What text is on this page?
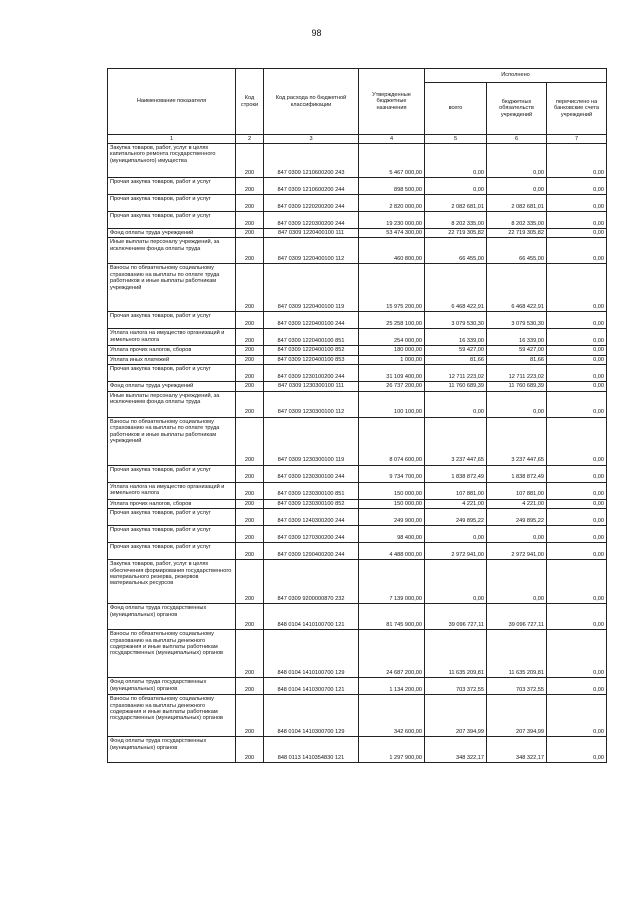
98
Наименование показателя	Код строки	Код расхода по бюджетной классификации	Утвержденные бюджетные назначения	Исполнено		
				всего	бюджетных обязательств учреждений	перечислено на банковские счета учреждений
1	2	3	4	5	6	7
Закупка товаров, работ, услуг в целях капитального ремонта государственного (муниципального) имущества	200	847 0309 1210600200 243	5 467 000,00	0,00	0,00	0,00
Прочая закупка товаров, работ и услуг	200	847 0309 1210600200 244	898 500,00	0,00	0,00	0,00
Прочая закупка товаров, работ и услуг	200	847 0309 1220200200 244	2 820 000,00	2 082 681,01	2 082 681,01	0,00
Прочая закупка товаров, работ и услуг	200	847 0309 1220300200 244	19 230 000,00	8 202 335,00	8 202 335,00	0,00
Фонд оплаты труда учреждений	200	847 0309 1220400100 111	53 474 300,00	22 719 305,82	22 719 305,82	0,00
Иные выплаты персоналу учреждений, за исключением фонда оплаты труда	200	847 0309 1220400100 112	460 800,00	66 455,00	66 455,00	0,00
Взносы по обязательному социальному страхованию на выплаты по оплате труда работников и иные выплаты работникам учреждений	200	847 0309 1220400100 119	15 975 200,00	6 468 422,91	6 468 422,91	0,00
Прочая закупка товаров, работ и услуг	200	847 0309 1220400100 244	25 258 100,00	3 079 530,30	3 079 530,30	0,00
Уплата налога на имущество организаций и земельного налога	200	847 0309 1220400100 851	254 000,00	16 339,00	16 339,00	0,00
Уплата прочих налогов, сборов	200	847 0309 1220400100 852	180 000,00	59 427,00	59 427,00	0,00
Уплата иных платежей	200	847 0309 1220400100 853	1 000,00	81,66	81,66	0,00
Прочая закупка товаров, работ и услуг	200	847 0309 1230100200 244	31 109 400,00	12 711 223,02	12 711 223,02	0,00
Фонд оплаты труда учреждений	200	847 0309 1230300100 111	26 737 200,00	11 760 689,39	11 760 689,39	0,00
Иные выплаты персоналу учреждений, за исключением фонда оплаты труда	200	847 0309 1230300100 112	100 100,00	0,00	0,00	0,00
Взносы по обязательному социальному страхованию на выплаты по оплате труда работников и иные выплаты работникам учреждений	200	847 0309 1230300100 119	8 074 600,00	3 237 447,65	3 237 447,65	0,00
Прочая закупка товаров, работ и услуг	200	847 0309 1230300100 244	9 734 700,00	1 838 872,49	1 838 872,49	0,00
Уплата налога на имущество организаций и земельного налога	200	847 0309 1230300100 851	150 000,00	107 881,00	107 881,00	0,00
Уплата прочих налогов, сборов	200	847 0309 1230300100 852	150 000,00	4 221,00	4 221,00	0,00
Прочая закупка товаров, работ и услуг	200	847 0309 1240300200 244	249 900,00	249 895,22	249 895,22	0,00
Прочая закупка товаров, работ и услуг	200	847 0309 1270300200 244	98 400,00	0,00	0,00	0,00
Прочая закупка товаров, работ и услуг	200	847 0309 1290400200 244	4 488 000,00	2 972 941,00	2 972 941,00	0,00
Закупка товаров, работ, услуг в целях обеспечения формирования государственного материального резерва, резервов материальных ресурсов	200	847 0309 9200000870 232	7 139 000,00	0,00	0,00	0,00
Фонд оплаты труда государственных (муниципальных) органов	200	848 0104 1410100700 121	81 745 900,00	39 096 727,11	39 096 727,11	0,00
Взносы по обязательному социальному страхованию на выплаты денежного содержания и иные выплаты работникам государственных (муниципальных) органов	200	848 0104 1410100700 129	24 687 200,00	11 635 209,81	11 635 209,81	0,00
Фонд оплаты труда государственных (муниципальных) органов	200	848 0104 1410300700 121	1 134 200,00	703 372,55	703 372,55	0,00
Взносы по обязательному социальному страхованию на выплаты денежного содержания и иные выплаты работникам государственных (муниципальных) органов	200	848 0104 1410300700 129	342 600,00	207 394,99	207 394,99	0,00
Фонд оплаты труда государственных (муниципальных) органов	200	848 0113 1410354830 121	1 297 900,00	348 322,17	348 322,17	0,00
